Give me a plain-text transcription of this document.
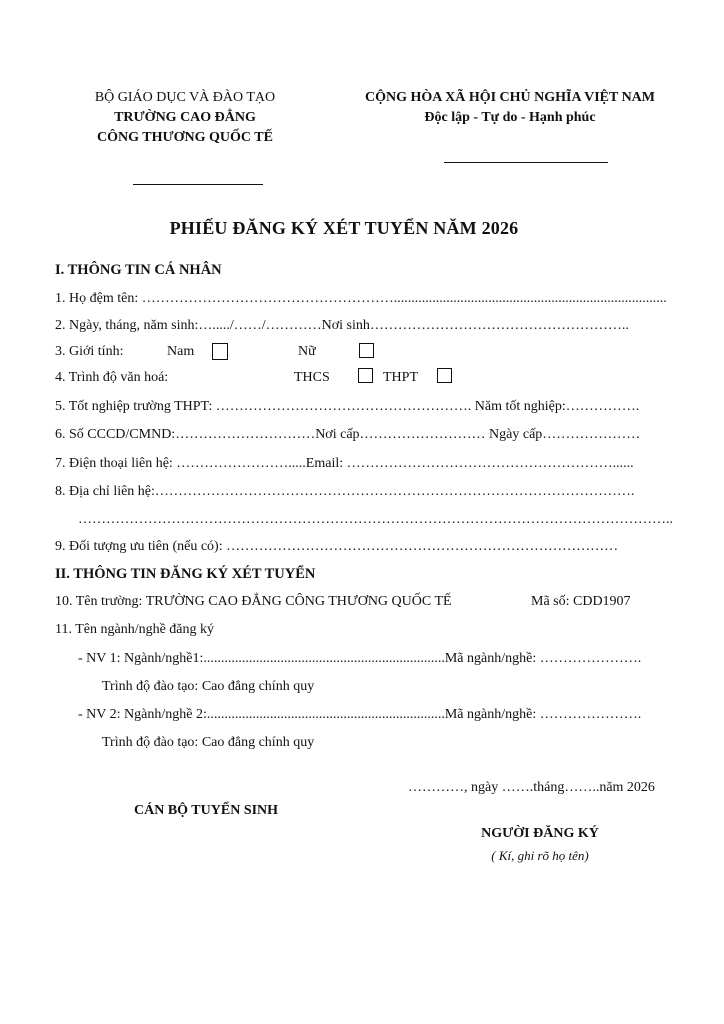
BỘ GIÁO DỤC VÀ ĐÀO TẠO
TRƯỜNG CAO ĐẲNG
CÔNG THƯƠNG QUỐC TẾ
CỘNG HÒA XÃ HỘI CHỦ NGHĨA VIỆT NAM
Độc lập - Tự do - Hạnh phúc
PHIẾU ĐĂNG KÝ XÉT TUYỂN NĂM 2026
I. THÔNG TIN CÁ NHÂN
1. Họ đệm tên: ………………………………………………..............................................................................
2. Ngày, tháng, năm sinh:…...../……/…………Nơi sinh………………………………………………..
3. Giới tính:	Nam	Nữ
4. Trình độ văn hoá:	THCS	THPT
5. Tốt nghiệp trường THPT: ………………………………………………. Năm tốt nghiệp:…………….
6. Số CCCD/CMND:…………………………Nơi cấp……………………… Ngày cấp…………………
7. Điện thoại liên hệ: …………………….....Email: …………………………………………………......
8. Địa chỉ liên hệ:………………………………………………………………………………………….
………………………………………………………………………………………………………………..
9. Đối tượng ưu tiên (nếu có): …………………………………………………………………………
II. THÔNG TIN ĐĂNG KÝ XÉT TUYỂN
10. Tên trường: TRƯỜNG CAO ĐẲNG CÔNG THƯƠNG QUỐC TẾ	Mã số: CDD1907
11. Tên ngành/nghề đăng ký
- NV 1: Ngành/nghề1:.....................................................................Mã ngành/nghề: ………………….
Trình độ đào tạo: Cao đẳng chính quy
- NV 2: Ngành/nghề 2:....................................................................Mã ngành/nghề: ………………….
Trình độ đào tạo: Cao đẳng chính quy
…………, ngày …….tháng……..năm 2026
CÁN BỘ TUYỂN SINH
NGƯỜI ĐĂNG KÝ
( Kí, ghi rõ họ tên)
